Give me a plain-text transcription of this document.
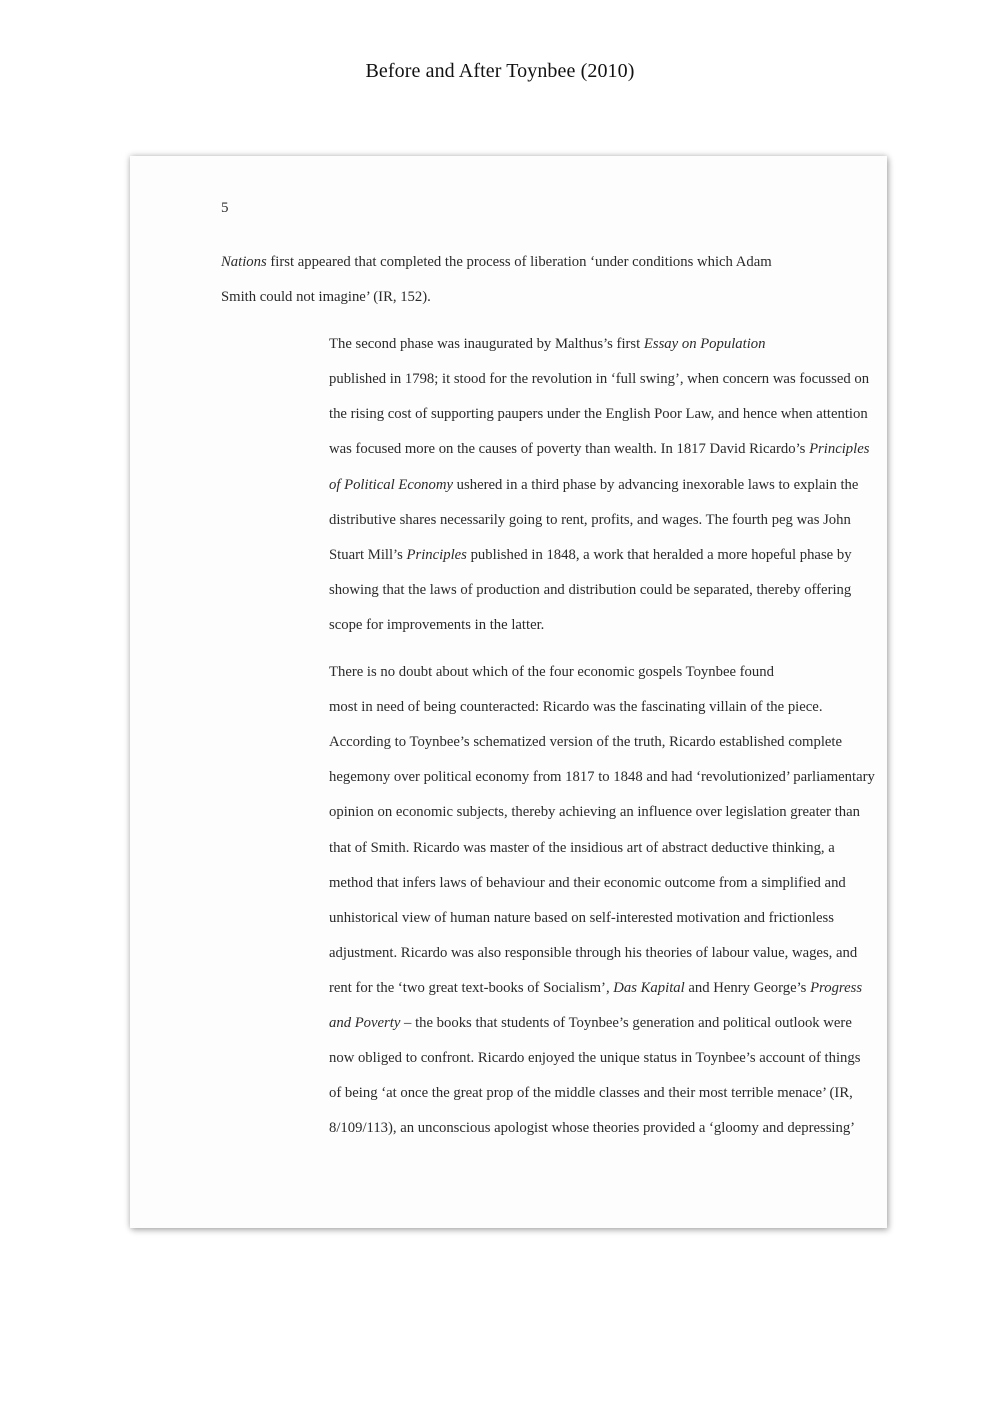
Before and After Toynbee (2010)
5

Nations first appeared that completed the process of liberation ‘under conditions which Adam
Smith could not imagine’ (IR, 152).

The second phase was inaugurated by Malthus’s first Essay on Population
published in 1798; it stood for the revolution in ‘full swing’, when concern was focussed on
the rising cost of supporting paupers under the English Poor Law, and hence when attention
was focused more on the causes of poverty than wealth. In 1817 David Ricardo’s Principles
of Political Economy ushered in a third phase by advancing inexorable laws to explain the
distributive shares necessarily going to rent, profits, and wages. The fourth peg was John
Stuart Mill’s Principles published in 1848, a work that heralded a more hopeful phase by
showing that the laws of production and distribution could be separated, thereby offering
scope for improvements in the latter.

There is no doubt about which of the four economic gospels Toynbee found
most in need of being counteracted: Ricardo was the fascinating villain of the piece.
According to Toynbee’s schematized version of the truth, Ricardo established complete
hegemony over political economy from 1817 to 1848 and had ‘revolutionized’ parliamentary
opinion on economic subjects, thereby achieving an influence over legislation greater than
that of Smith. Ricardo was master of the insidious art of abstract deductive thinking, a
method that infers laws of behaviour and their economic outcome from a simplified and
unhistorical view of human nature based on self-interested motivation and frictionless
adjustment. Ricardo was also responsible through his theories of labour value, wages, and
rent for the ‘two great text-books of Socialism’, Das Kapital and Henry George’s Progress
and Poverty – the books that students of Toynbee’s generation and political outlook were
now obliged to confront. Ricardo enjoyed the unique status in Toynbee’s account of things
of being ‘at once the great prop of the middle classes and their most terrible menace’ (IR,
8/109/113), an unconscious apologist whose theories provided a ‘gloomy and depressing’
